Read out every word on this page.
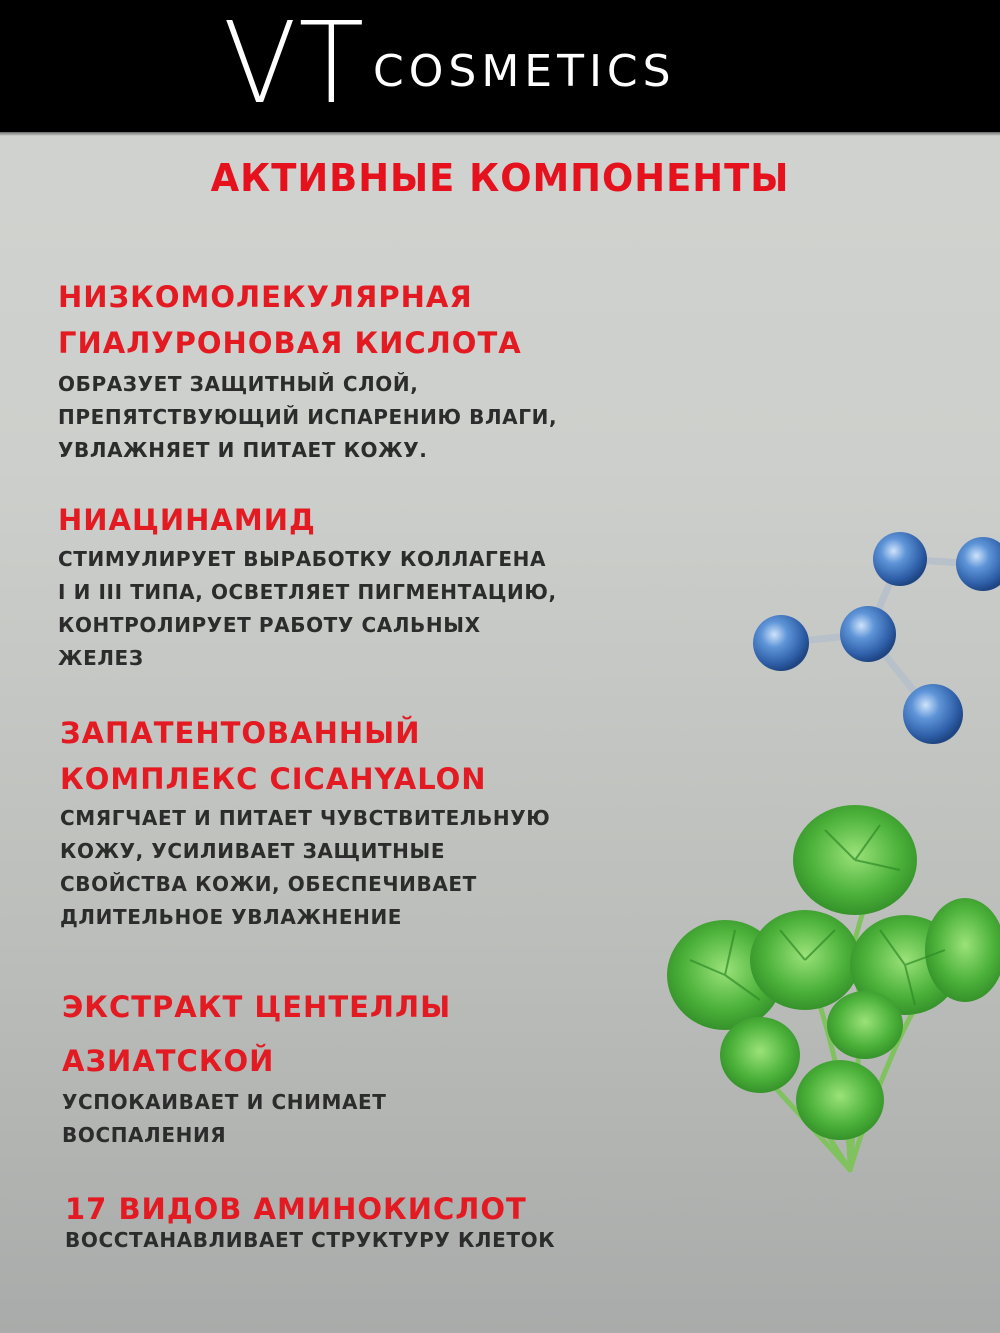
VT COSMETICS
АКТИВНЫЕ КОМПОНЕНТЫ
НИЗКОМОЛЕКУЛЯРНАЯ
ГИАЛУРОНОВАЯ КИСЛОТА
ОБРАЗУЕТ ЗАЩИТНЫЙ СЛОЙ,
ПРЕПЯТСТВУЮЩИЙ ИСПАРЕНИЮ ВЛАГИ,
УВЛАЖНЯЕТ И ПИТАЕТ КОЖУ.
НИАЦИНАМИД
СТИМУЛИРУЕТ ВЫРАБОТКУ КОЛЛАГЕНА
I И III ТИПА, ОСВЕТЛЯЕТ ПИГМЕНТАЦИЮ,
КОНТРОЛИРУЕТ РАБОТУ САЛЬНЫХ
ЖЕЛЕЗ
ЗАПАТЕНТОВАННЫЙ
КОМПЛЕКС CICAHYALON
СМЯГЧАЕТ И ПИТАЕТ ЧУВСТВИТЕЛЬНУЮ
КОЖУ, УСИЛИВАЕТ ЗАЩИТНЫЕ
СВОЙСТВА КОЖИ, ОБЕСПЕЧИВАЕТ
ДЛИТЕЛЬНОЕ УВЛАЖНЕНИЕ
ЭКСТРАКТ ЦЕНТЕЛЛЫ
АЗИАТСКОЙ
УСПОКАИВАЕТ И СНИМАЕТ
ВОСПАЛЕНИЯ
17 ВИДОВ АМИНОКИСЛОТ
ВОССТАНАВЛИВАЕТ СТРУКТУРУ КЛЕТОК
